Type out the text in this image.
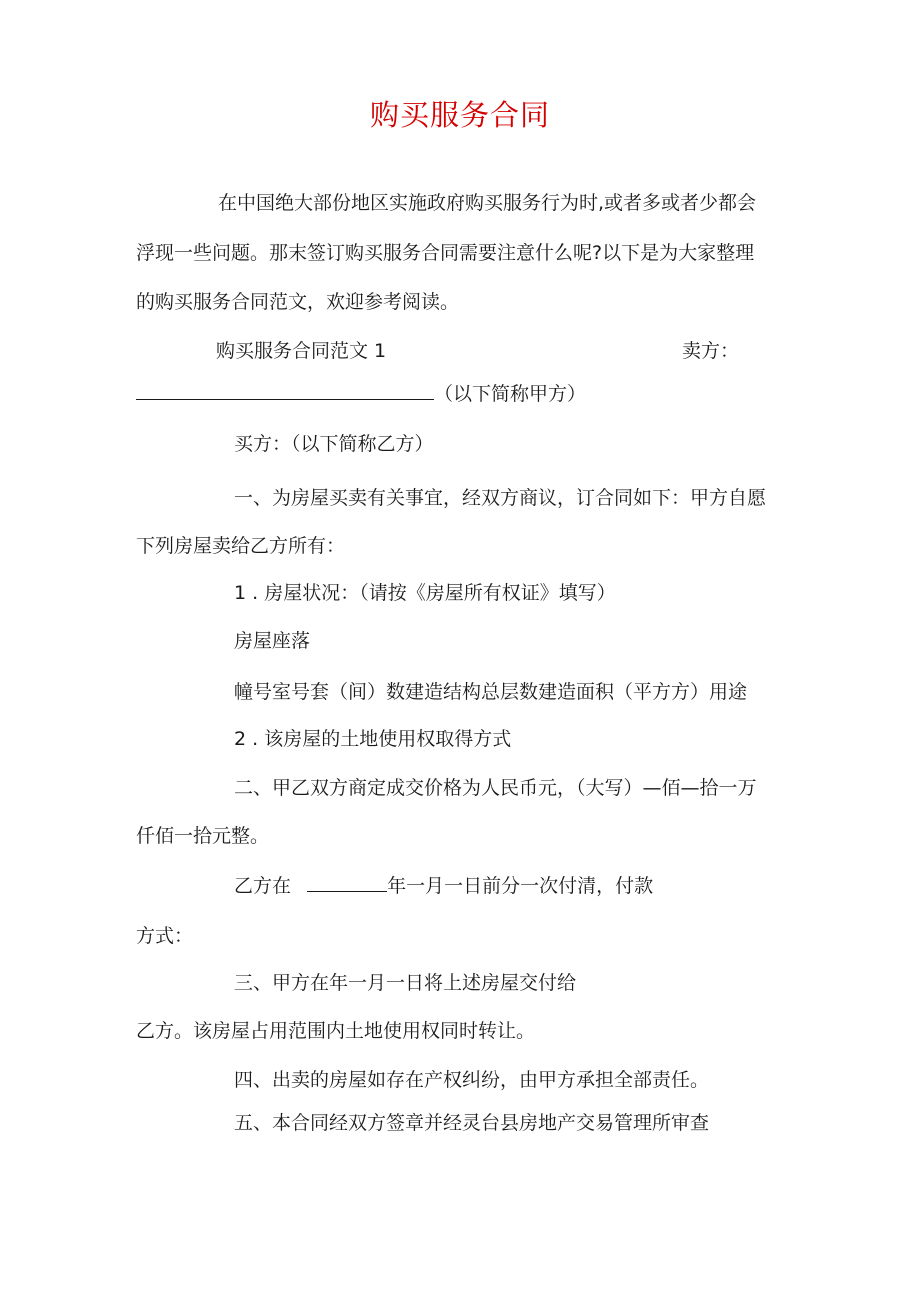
购买服务合同
在中国绝大部份地区实施政府购买服务行为时,或者多或者少都会
浮现一些问题。那末签订购买服务合同需要注意什么呢?以下是为大家整理
的购买服务合同范文，欢迎参考阅读。
购买服务合同范文 1	卖方：
（以下简称甲方）
买方：（以下简称乙方）
一、为房屋买卖有关事宜，经双方商议，订合同如下：甲方自愿
下列房屋卖给乙方所有：
1 . 房屋状况：（请按《房屋所有权证》填写）
房屋座落
幢号室号套（间）数建造结构总层数建造面积（平方方）用途
2 . 该房屋的土地使用权取得方式
二、甲乙双方商定成交价格为人民币元，（大写）—佰—拾一万
仟佰一拾元整。
乙方在	年一月一日前分一次付清，付款
方式：
三、甲方在年一月一日将上述房屋交付给
乙方。该房屋占用范围内土地使用权同时转让。
四、出卖的房屋如存在产权纠纷，由甲方承担全部责任。
五、本合同经双方签章并经灵台县房地产交易管理所审查
